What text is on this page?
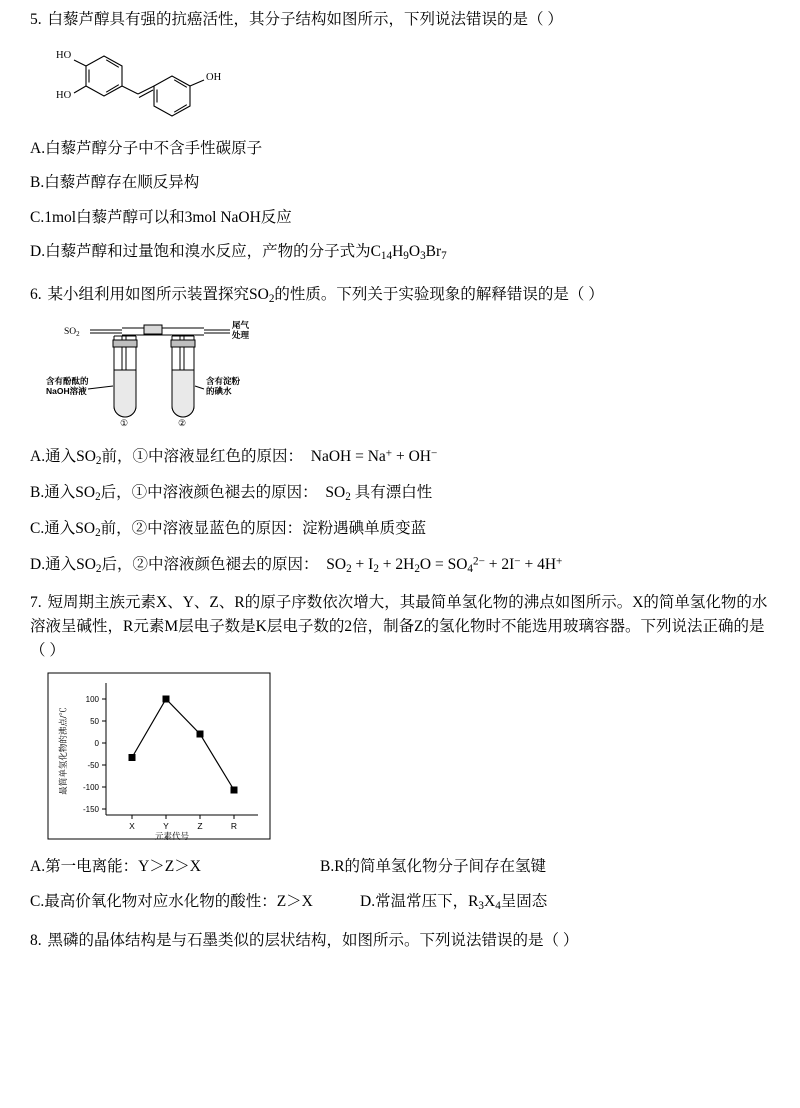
5. 白藜芦醇具有强的抗癌活性，其分子结构如图所示，下列说法错误的是（ ）
HO
HO
OH
A.白藜芦醇分子中不含手性碳原子
B.白藜芦醇存在顺反异构
C.1mol白藜芦醇可以和3mol NaOH反应
D.白藜芦醇和过量饱和溴水反应，产物的分子式为$C_{14}H_9O_3Br_7$
6. 某小组利用如图所示装置探究$SO_2$的性质。下列关于实验现象的解释错误的是（ ）
$SO_2$
尾气
处理
含有酚酞的
NaOH溶液
含有淀粉
的碘水
①	②
A.通入$SO_2$前，①中溶液显红色的原因：  NaOH = Na+ + OH−
B.通入$SO_2$后，①中溶液颜色褪去的原因：  $SO_2$ 具有漂白性
C.通入$SO_2$前，②中溶液显蓝色的原因：淀粉遇碘单质变蓝
D.通入$SO_2$后，②中溶液颜色褪去的原因：  $SO_2 + I_2 + 2H_2O = SO_4^{2-} + 2I^- + 4H^+$
7. 短周期主族元素X、Y、Z、R的原子序数依次增大，其最简单氢化物的沸点如图所示。X的简单氢化物的水溶液呈碱性，R元素M层电子数是K层电子数的2倍，制备Z的氢化物时不能选用玻璃容器。下列说法正确的是（ ）
100
50
0
-50
-100
-150
X	Y	Z	R
元素代号
最简单氢化物的沸点/℃
A.第一电离能：Y＞Z＞X	B.R的简单氢化物分子间存在氢键
C.最高价氧化物对应水化物的酸性：Z＞X	D.常温常压下，$R_3X_4$呈固态
8. 黑磷的晶体结构是与石墨类似的层状结构，如图所示。下列说法错误的是（ ）
